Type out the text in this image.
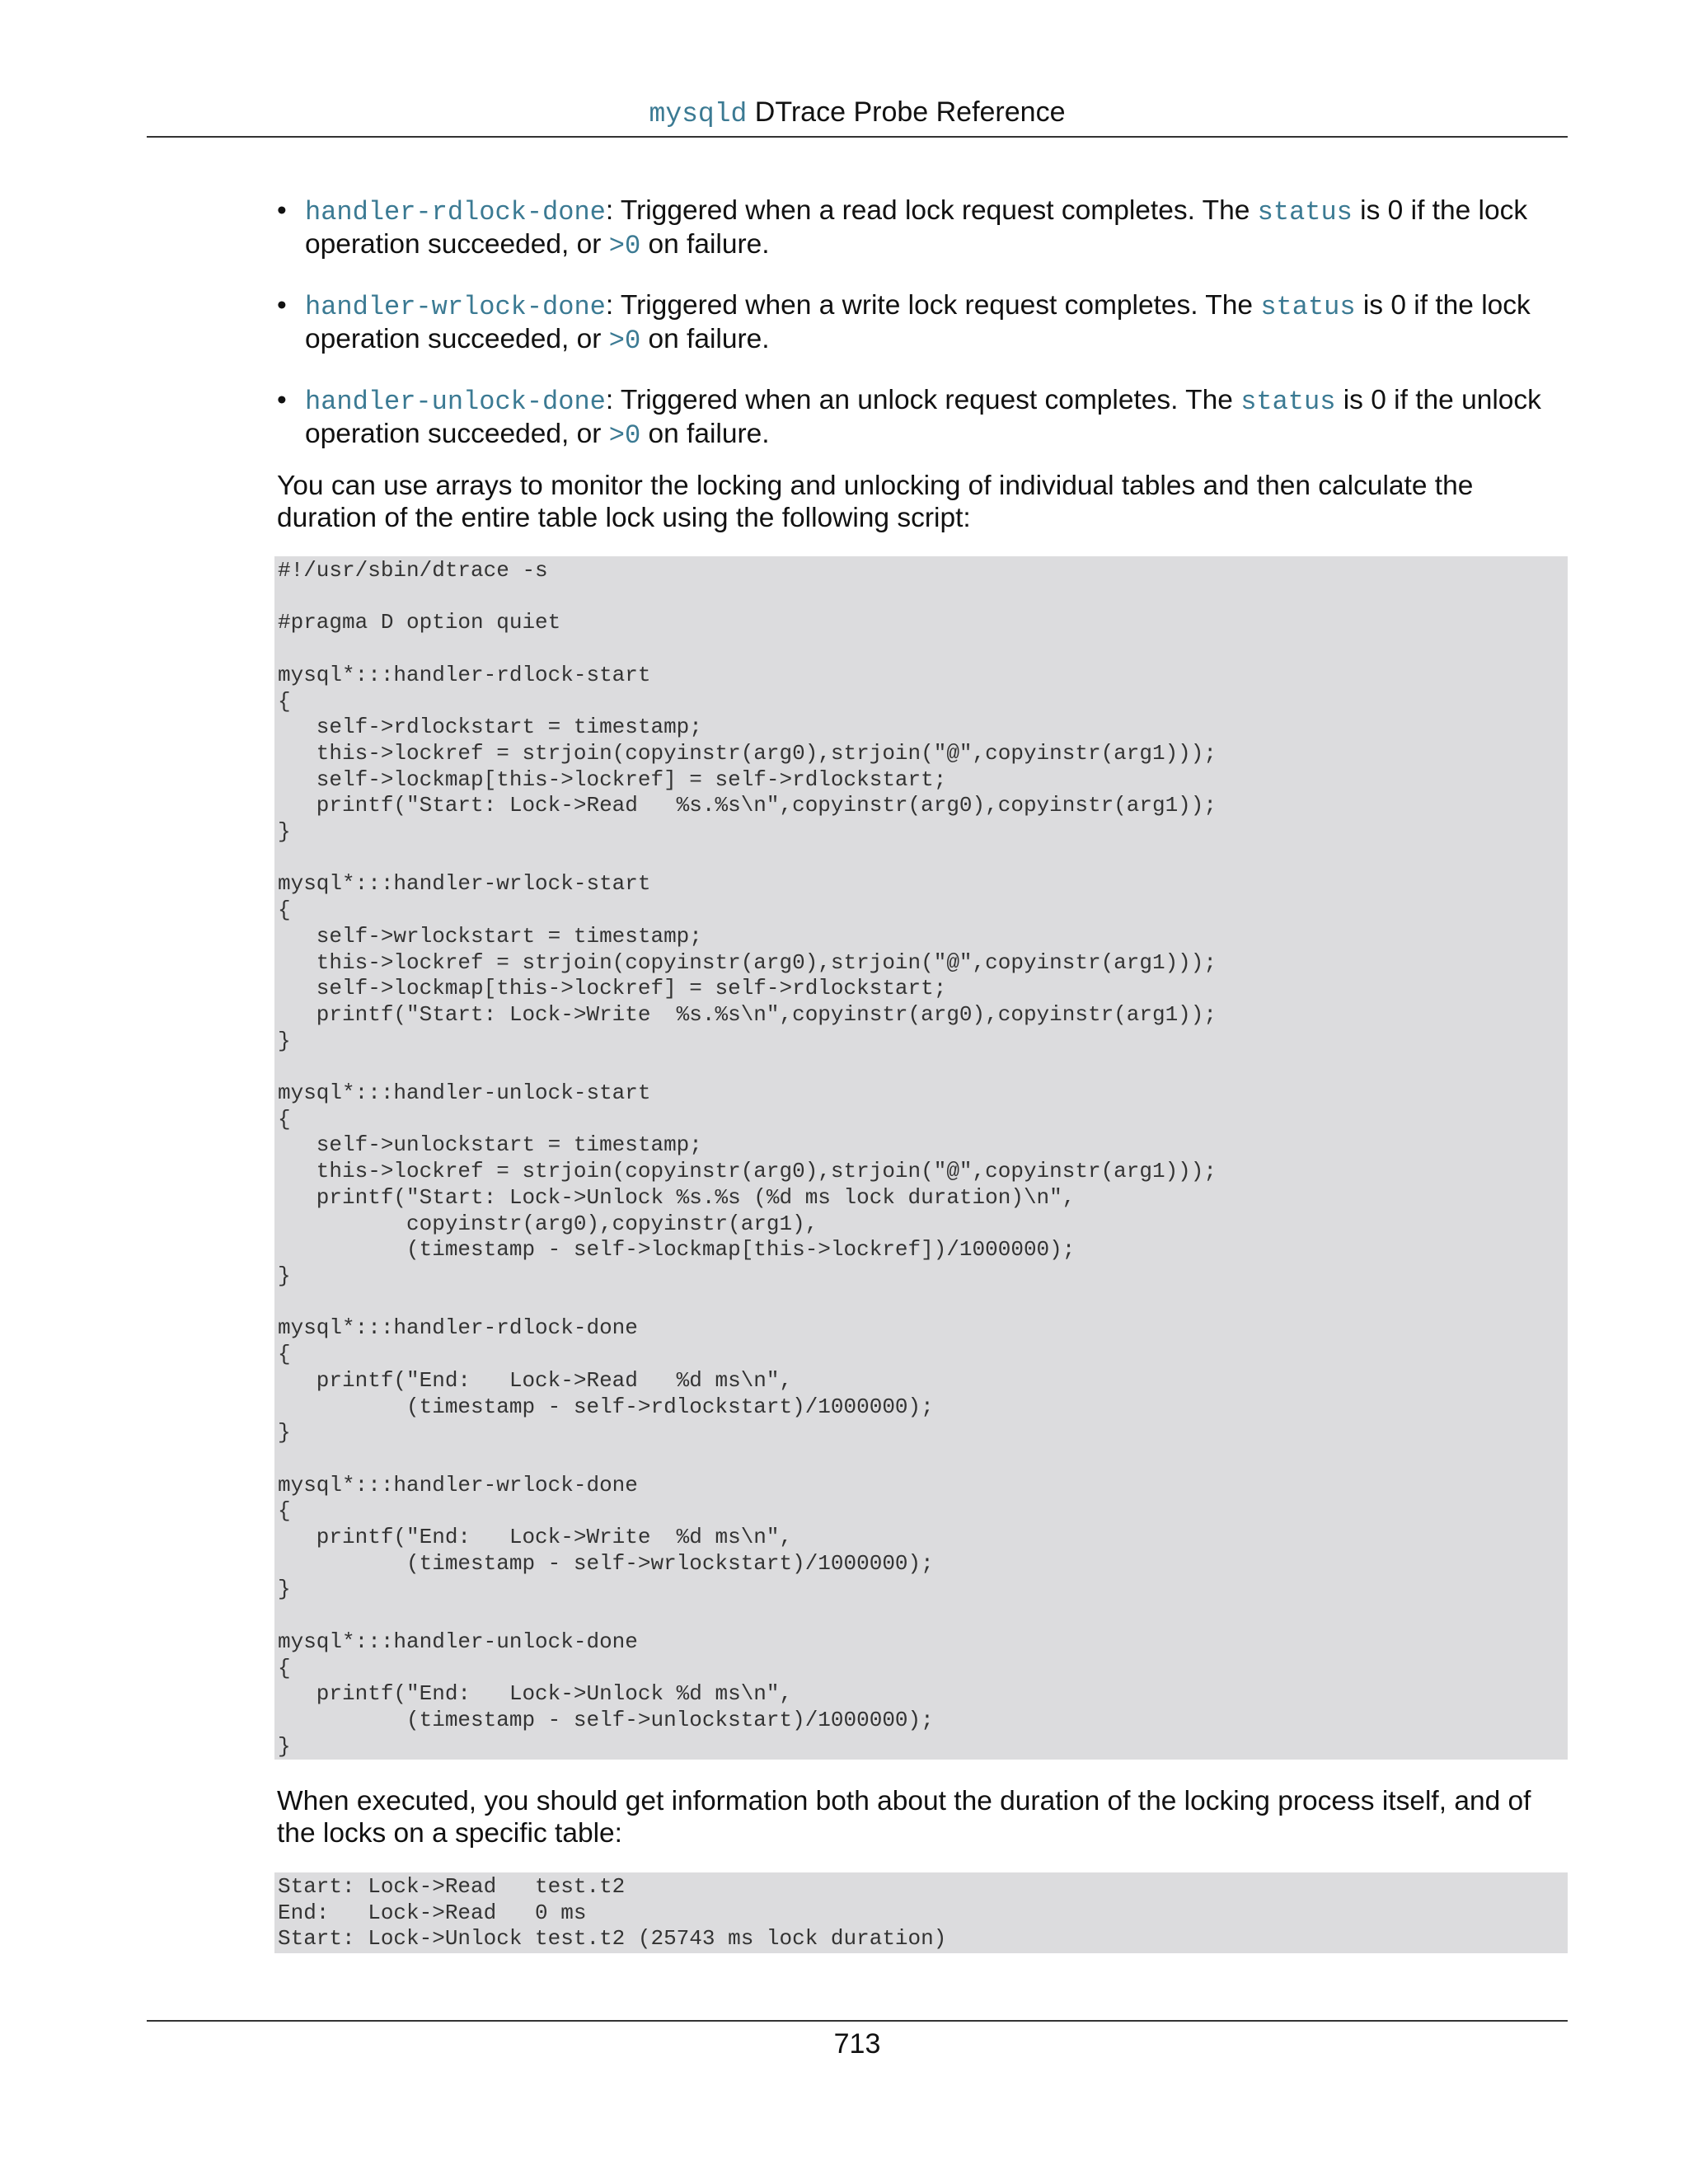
mysqld DTrace Probe Reference
• handler-rdlock-done: Triggered when a read lock request completes. The status is 0 if the lock operation succeeded, or >0 on failure.
• handler-wrlock-done: Triggered when a write lock request completes. The status is 0 if the lock operation succeeded, or >0 on failure.
• handler-unlock-done: Triggered when an unlock request completes. The status is 0 if the unlock operation succeeded, or >0 on failure.

You can use arrays to monitor the locking and unlocking of individual tables and then calculate the duration of the entire table lock using the following script:

#!/usr/sbin/dtrace -s

#pragma D option quiet

mysql*:::handler-rdlock-start
{
self->rdlockstart = timestamp;
this->lockref = strjoin(copyinstr(arg0),strjoin("@",copyinstr(arg1)));
self->lockmap[this->lockref] = self->rdlockstart;
printf("Start: Lock->Read   %s.%s\n",copyinstr(arg0),copyinstr(arg1));
}

mysql*:::handler-wrlock-start
{
self->wrlockstart = timestamp;
this->lockref = strjoin(copyinstr(arg0),strjoin("@",copyinstr(arg1)));
self->lockmap[this->lockref] = self->rdlockstart;
printf("Start: Lock->Write  %s.%s\n",copyinstr(arg0),copyinstr(arg1));
}

mysql*:::handler-unlock-start
{
self->unlockstart = timestamp;
this->lockref = strjoin(copyinstr(arg0),strjoin("@",copyinstr(arg1)));
printf("Start: Lock->Unlock %s.%s (%d ms lock duration)\n",
copyinstr(arg0),copyinstr(arg1),
(timestamp - self->lockmap[this->lockref])/1000000);
}

mysql*:::handler-rdlock-done
{
printf("End:   Lock->Read   %d ms\n",
(timestamp - self->rdlockstart)/1000000);
}

mysql*:::handler-wrlock-done
{
printf("End:   Lock->Write  %d ms\n",
(timestamp - self->wrlockstart)/1000000);
}

mysql*:::handler-unlock-done
{
printf("End:   Lock->Unlock %d ms\n",
(timestamp - self->unlockstart)/1000000);
}

When executed, you should get information both about the duration of the locking process itself, and of the locks on a specific table:

Start: Lock->Read   test.t2
End:   Lock->Read   0 ms
Start: Lock->Unlock test.t2 (25743 ms lock duration)
713
